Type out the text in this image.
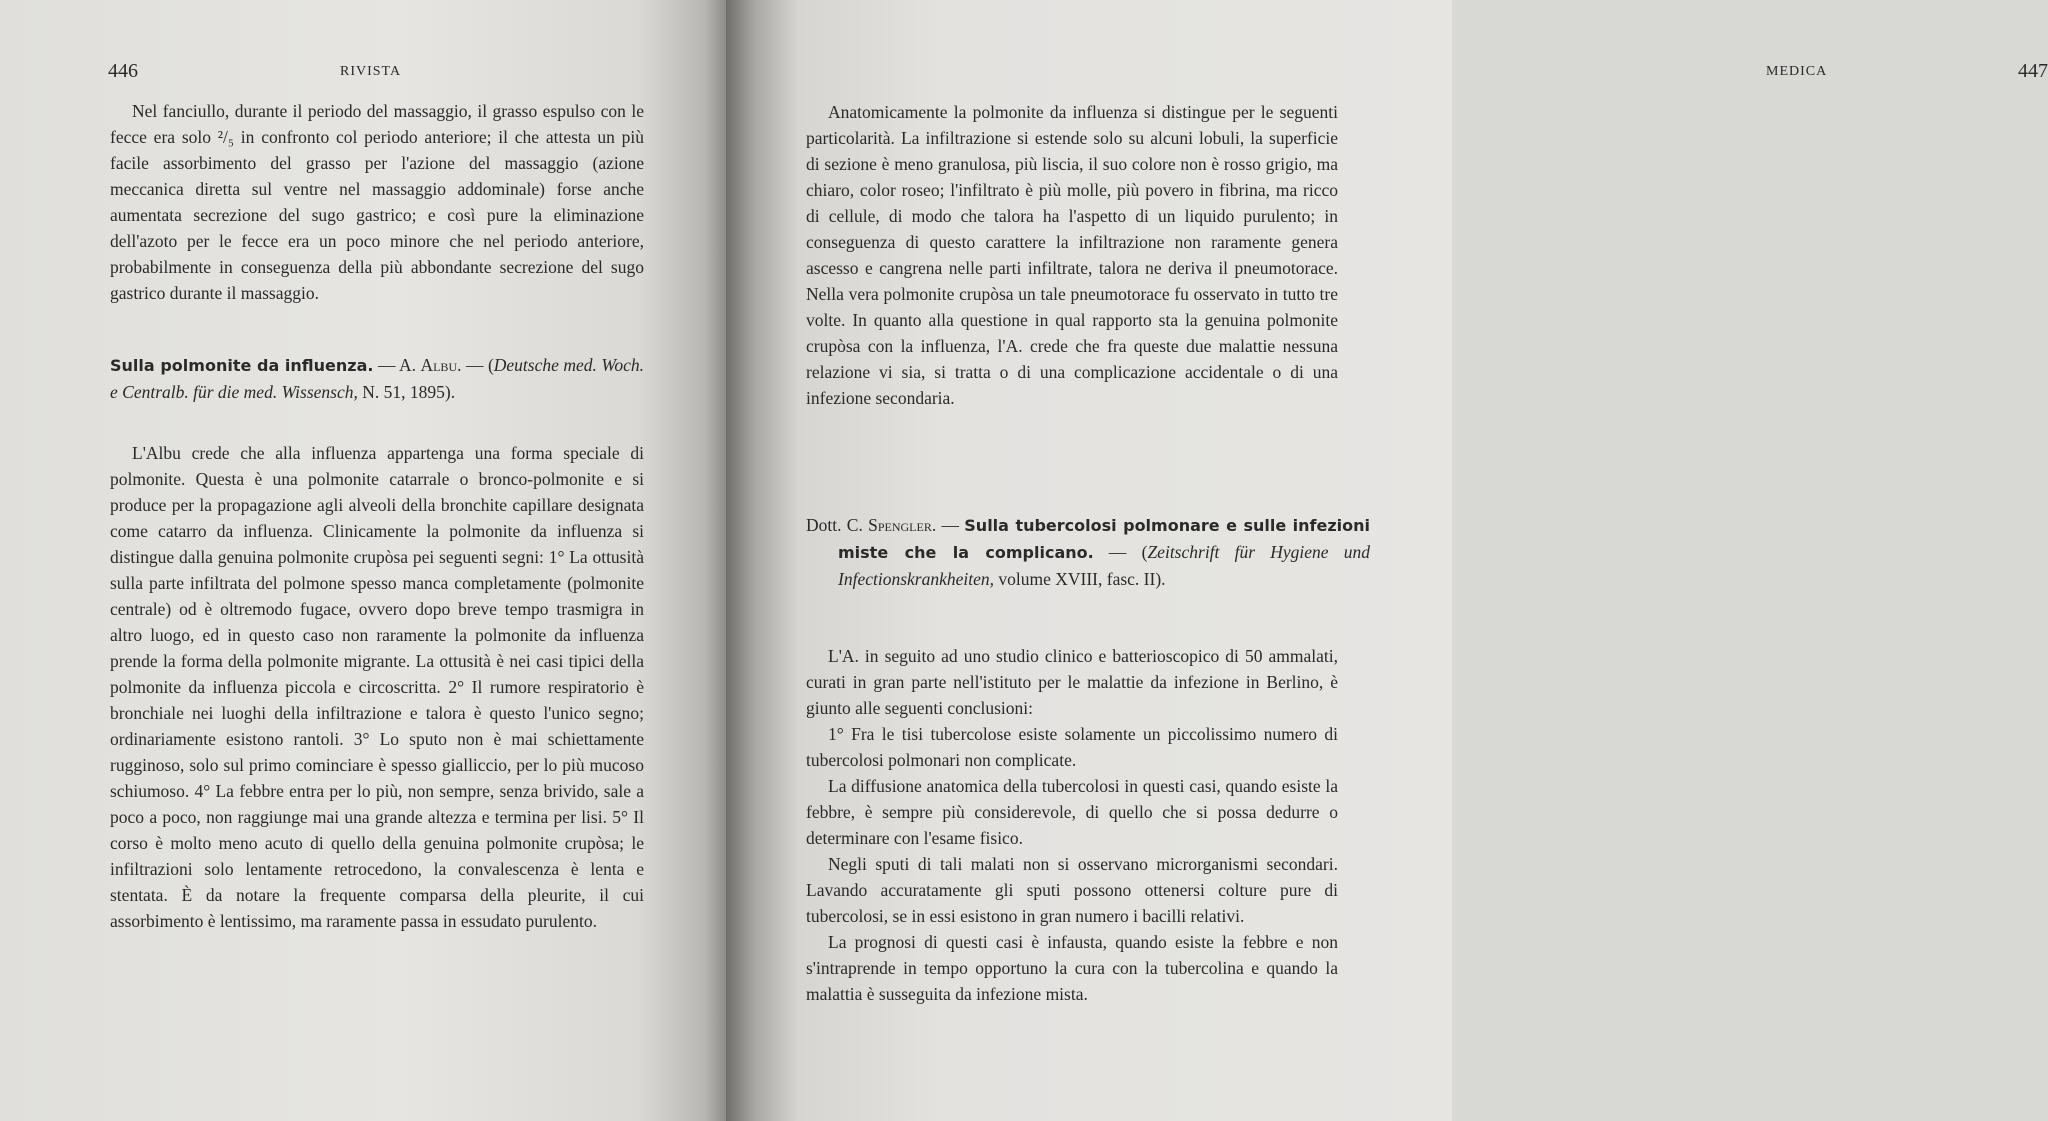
446	RIVISTA

Nel fanciullo, durante il periodo del massaggio, il grasso espulso con le fecce era solo ²/₅ in confronto col periodo anteriore; il che attesta un più facile assorbimento del grasso per l'azione del massaggio (azione meccanica diretta sul ventre nel massaggio addominale) forse anche aumentata secrezione del sugo gastrico; e così pure la eliminazione dell'azoto per le fecce era un poco minore che nel periodo anteriore, probabilmente in conseguenza della più abbondante secrezione del sugo gastrico durante il massaggio.

Sulla polmonite da influenza. — A. Albu. — (Deutsche med. Woch. e Centralb. für die med. Wissensch, N. 51, 1895).

L'Albu crede che alla influenza appartenga una forma speciale di polmonite. Questa è una polmonite catarrale o bronco-polmonite e si produce per la propagazione agli alveoli della bronchite capillare designata come catarro da influenza. Clinicamente la polmonite da influenza si distingue dalla genuina polmonite crupòsa pei seguenti segni: 1° La ottusità sulla parte infiltrata del polmone spesso manca completamente (polmonite centrale) od è oltremodo fugace, ovvero dopo breve tempo trasmigra in altro luogo, ed in questo caso non raramente la polmonite da influenza prende la forma della polmonite migrante. La ottusità è nei casi tipici della polmonite da influenza piccola e circoscritta. 2° Il rumore respiratorio è bronchiale nei luoghi della infiltrazione e talora è questo l'unico segno; ordinariamente esistono rantoli. 3° Lo sputo non è mai schiettamente rugginoso, solo sul primo cominciare è spesso gialliccio, per lo più mucoso schiumoso. 4° La febbre entra per lo più, non sempre, senza brivido, sale a poco a poco, non raggiunge mai una grande altezza e termina per lisi. 5° Il corso è molto meno acuto di quello della genuina polmonite crupòsa; le infiltrazioni solo lentamente retrocedono, la convalescenza è lenta e stentata. È da notare la frequente comparsa della pleurite, il cui assorbimento è lentissimo, ma raramente passa in essudato purulento.

MEDICA	447

Anatomicamente la polmonite da influenza si distingue per le seguenti particolarità. La infiltrazione si estende solo su alcuni lobuli, la superficie di sezione è meno granulosa, più liscia, il suo colore non è rosso grigio, ma chiaro, color roseo; l'infiltrato è più molle, più povero in fibrina, ma ricco di cellule, di modo che talora ha l'aspetto di un liquido purulento; in conseguenza di questo carattere la infiltrazione non raramente genera ascesso e cangrena nelle parti infiltrate, talora ne deriva il pneumotorace. Nella vera polmonite crupòsa un tale pneumotorace fu osservato in tutto tre volte. In quanto alla questione in qual rapporto sta la genuina polmonite crupòsa con la influenza, l'A. crede che fra queste due malattie nessuna relazione vi sia, si tratta o di una complicazione accidentale o di una infezione secondaria.

Dott. C. Spengler. — Sulla tubercolosi polmonare e sulle infezioni miste che la complicano. — (Zeitschrift für Hygiene und Infectionskrankheiten, volume XVIII, fasc. II).

L'A. in seguito ad uno studio clinico e batterioscopico di 50 ammalati, curati in gran parte nell'istituto per le malattie da infezione in Berlino, è giunto alle seguenti conclusioni:

1° Fra le tisi tubercolose esiste solamente un piccolissimo numero di tubercolosi polmonari non complicate.

La diffusione anatomica della tubercolosi in questi casi, quando esiste la febbre, è sempre più considerevole, di quello che si possa dedurre o determinare con l'esame fisico.

Negli sputi di tali malati non si osservano microrganismi secondari. Lavando accuratamente gli sputi possono ottenersi colture pure di tubercolosi, se in essi esistono in gran numero i bacilli relativi.

La prognosi di questi casi è infausta, quando esiste la febbre e non s'intraprende in tempo opportuno la cura con la tubercolina e quando la malattia è susseguita da infezione mista.
